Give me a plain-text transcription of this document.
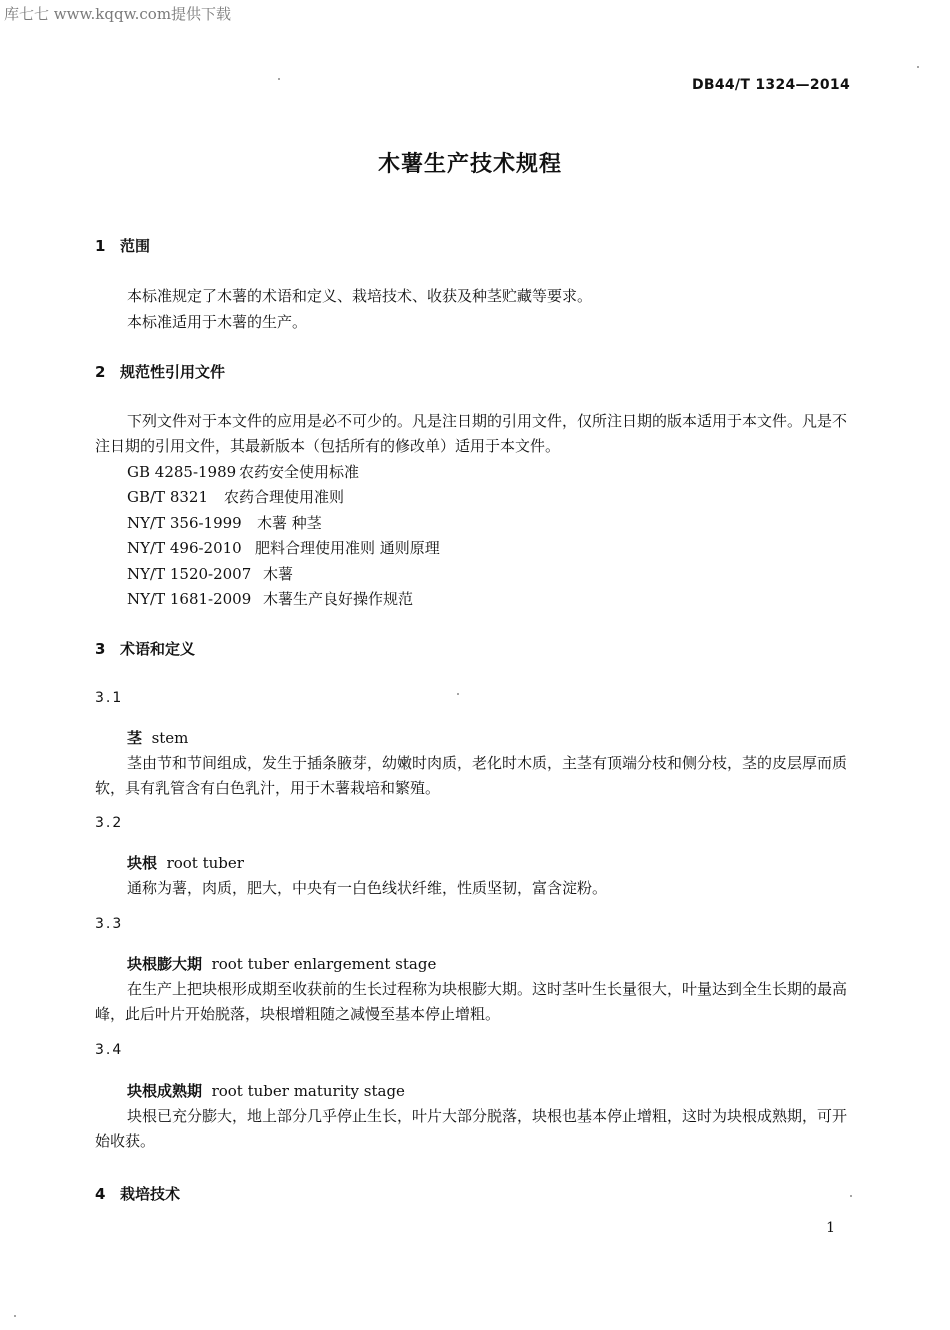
库七七 www.kqqw.com提供下载
DB44/T 1324—2014
木薯生产技术规程
1 范围
本标准规定了木薯的术语和定义、栽培技术、收获及种茎贮藏等要求。
本标准适用于木薯的生产。
2 规范性引用文件
下列文件对于本文件的应用是必不可少的。凡是注日期的引用文件，仅所注日期的版本适用于本文件。凡是不注日期的引用文件，其最新版本（包括所有的修改单）适用于本文件。
GB 4285-1989 农药安全使用标准
GB/T 8321 农药合理使用准则
NY/T 356-1999 木薯 种茎
NY/T 496-2010 肥料合理使用准则 通则原理
NY/T 1520-2007 木薯
NY/T 1681-2009 木薯生产良好操作规范
3 术语和定义
3.1
茎 stem
茎由节和节间组成，发生于插条腋芽，幼嫩时肉质，老化时木质，主茎有顶端分枝和侧分枝，茎的皮层厚而质软，具有乳管含有白色乳汁，用于木薯栽培和繁殖。
3.2
块根 root tuber
通称为薯，肉质，肥大，中央有一白色线状纤维，性质坚韧，富含淀粉。
3.3
块根膨大期 root tuber enlargement stage
在生产上把块根形成期至收获前的生长过程称为块根膨大期。这时茎叶生长量很大，叶量达到全生长期的最高峰，此后叶片开始脱落，块根增粗随之减慢至基本停止增粗。
3.4
块根成熟期 root tuber maturity stage
块根已充分膨大，地上部分几乎停止生长，叶片大部分脱落，块根也基本停止增粗，这时为块根成熟期，可开始收获。
4 栽培技术
1
